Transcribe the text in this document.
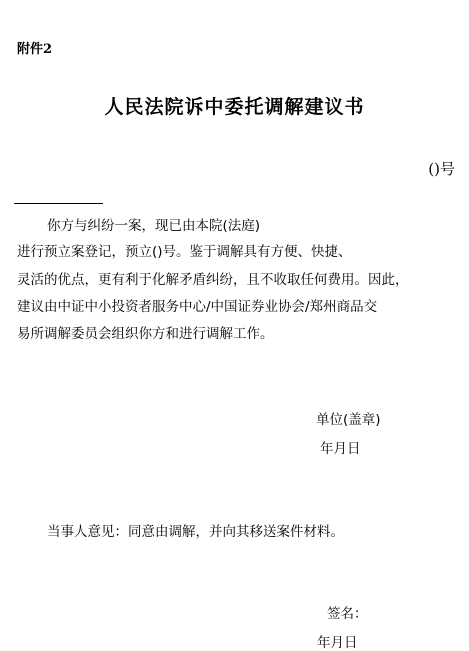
附件2
人民法院诉中委托调解建议书
()号
你方与纠纷一案，现已由本院(法庭)
进行预立案登记，预立()号。鉴于调解具有方便、快捷、
灵活的优点，更有利于化解矛盾纠纷，且不收取任何费用。因此，
建议由中证中小投资者服务中心/中国证券业协会/郑州商品交
易所调解委员会组织你方和进行调解工作。
单位(盖章)
年月日
当事人意见：同意由调解，并向其移送案件材料。
签名：
年月日
